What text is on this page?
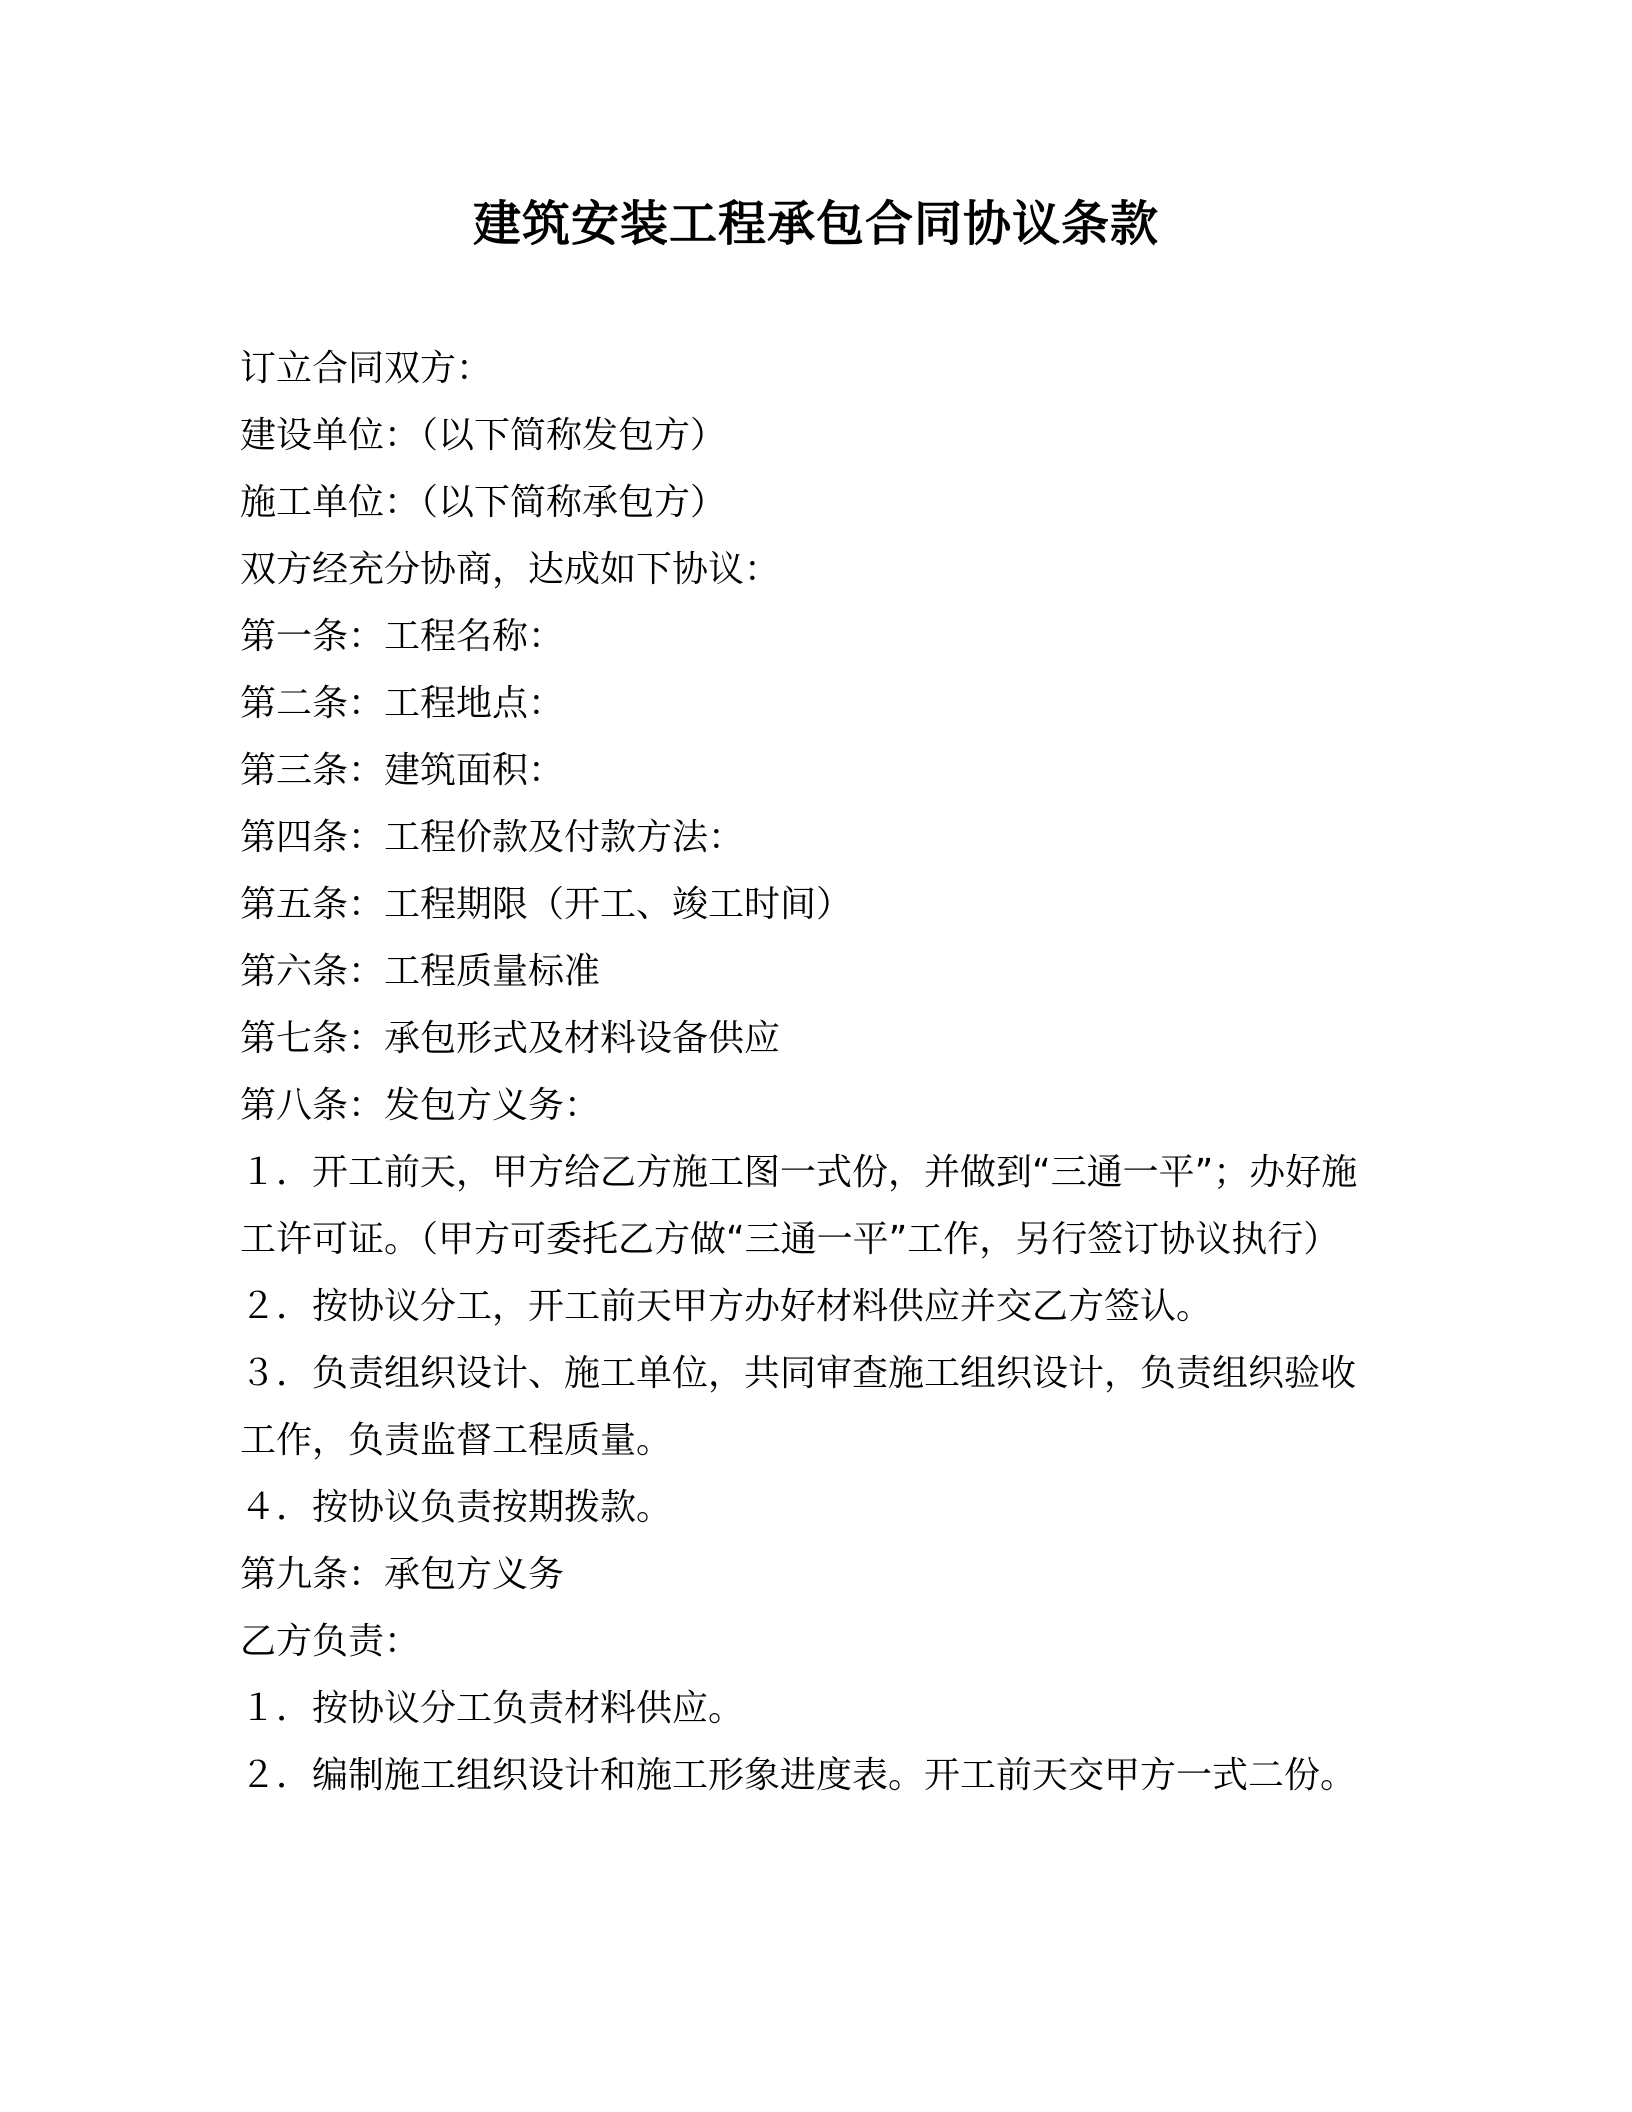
建筑安装工程承包合同协议条款
订立合同双方：
建设单位：（以下简称发包方）
施工单位：（以下简称承包方）
双方经充分协商，达成如下协议：
第一条：工程名称：
第二条：工程地点：
第三条：建筑面积：
第四条：工程价款及付款方法：
第五条：工程期限（开工、竣工时间）
第六条：工程质量标准
第七条：承包形式及材料设备供应
第八条：发包方义务：
１．开工前天，甲方给乙方施工图一式份，并做到“三通一平”；办好施工许可证。（甲方可委托乙方做“三通一平”工作，另行签订协议执行）
２．按协议分工，开工前天甲方办好材料供应并交乙方签认。
３．负责组织设计、施工单位，共同审查施工组织设计，负责组织验收工作，负责监督工程质量。
４．按协议负责按期拨款。
第九条：承包方义务
乙方负责：
１．按协议分工负责材料供应。
２．编制施工组织设计和施工形象进度表。开工前天交甲方一式二份。
